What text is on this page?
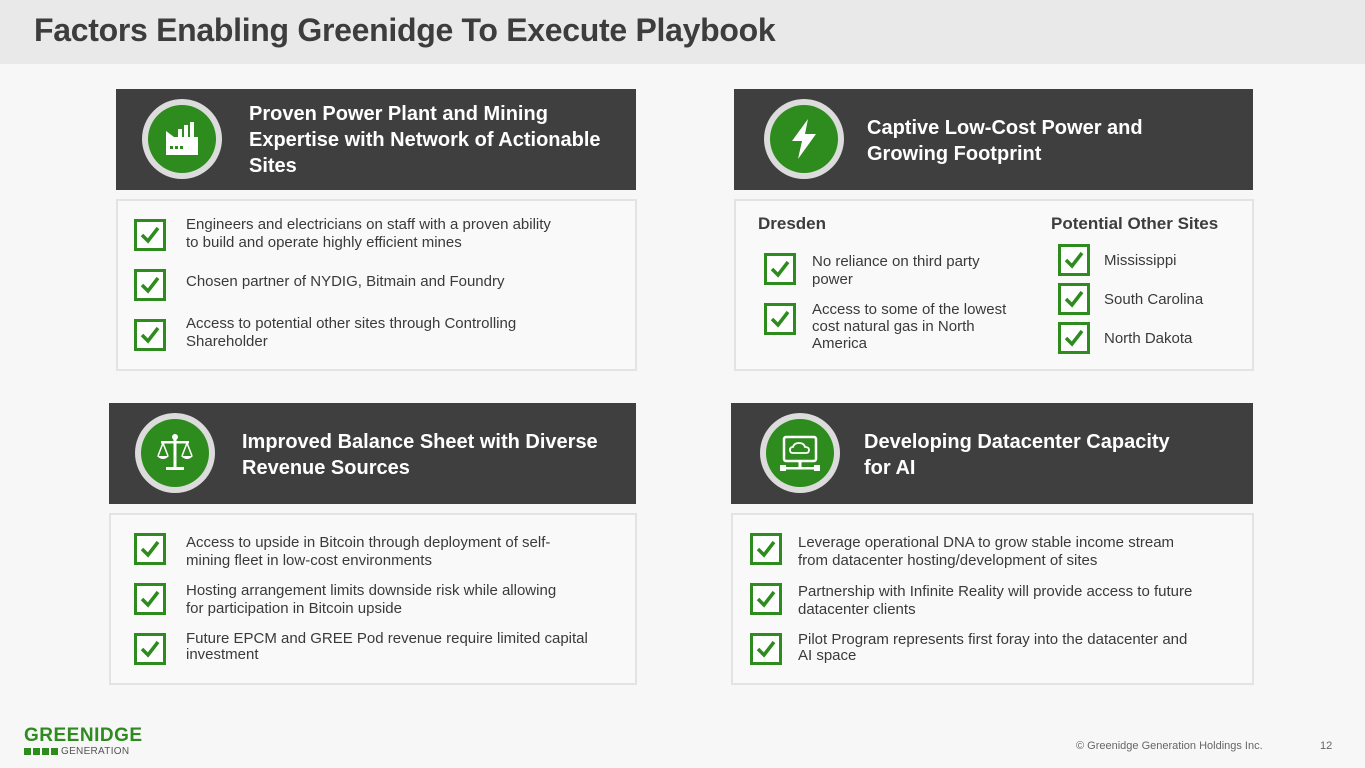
Factors Enabling Greenidge To Execute Playbook
Proven Power Plant and Mining
Expertise with Network of Actionable
Sites
Engineers and electricians on staff with a proven ability
to build and operate highly efficient mines
Chosen partner of NYDIG, Bitmain and Foundry
Access to potential other sites through Controlling
Shareholder
Captive Low-Cost Power and
Growing Footprint
Dresden
No reliance on third party
power
Access to some of the lowest
cost natural gas in North
America
Potential Other Sites
Mississippi
South Carolina
North Dakota
Improved Balance Sheet with Diverse
Revenue Sources
Access to upside in Bitcoin through deployment of self-
mining fleet in low-cost environments
Hosting arrangement limits downside risk while allowing
for participation in Bitcoin upside
Future EPCM and GREE Pod revenue require limited capital
investment
Developing Datacenter Capacity
for AI
Leverage operational DNA to grow stable income stream
from datacenter hosting/development of sites
Partnership with Infinite Reality will provide access to future
datacenter clients
Pilot Program represents first foray into the datacenter and
AI space
GREENIDGE
GENERATION	© Greenidge Generation Holdings Inc.	12
